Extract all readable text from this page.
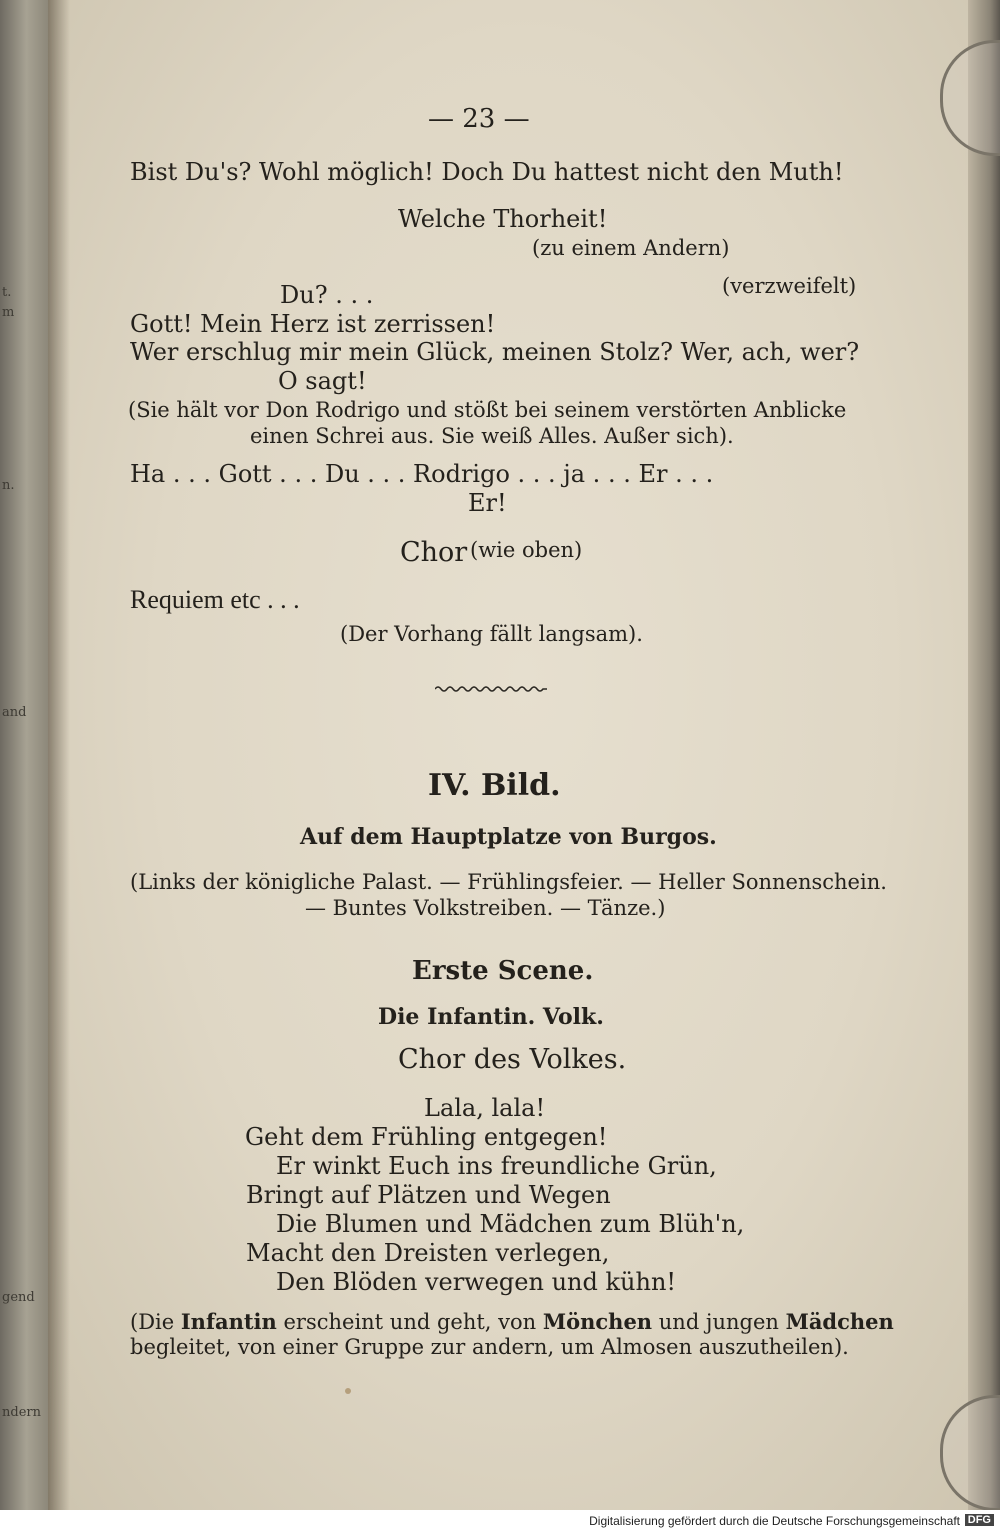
t.
m
n.
and
gend
ndern
— 23 —
Bist Du's? Wohl möglich! Doch Du hattest nicht den Muth!
Welche Thorheit!
(zu einem Andern)
Du? . . .	(verzweifelt)
Gott! Mein Herz ist zerrissen!
Wer erschlug mir mein Glück, meinen Stolz? Wer, ach, wer?
O sagt!
(Sie hält vor Don Rodrigo und stößt bei seinem verstörten Anblicke
einen Schrei aus. Sie weiß Alles. Außer sich).
Ha . . . Gott . . . Du . . . Rodrigo . . . ja . . . Er . . .
Er!
Chor (wie oben)
Requiem etc . . .
(Der Vorhang fällt langsam).
IV. Bild.
Auf dem Hauptplatze von Burgos.
(Links der königliche Palast. — Frühlingsfeier. — Heller Sonnenschein.
— Buntes Volkstreiben. — Tänze.)
Erste Scene.
Die Infantin. Volk.
Chor des Volkes.
Lala, lala!
Geht dem Frühling entgegen!
Er winkt Euch ins freundliche Grün,
Bringt auf Plätzen und Wegen
Die Blumen und Mädchen zum Blüh'n,
Macht den Dreisten verlegen,
Den Blöden verwegen und kühn!
(Die Infantin erscheint und geht, von Mönchen und jungen Mädchen
begleitet, von einer Gruppe zur andern, um Almosen auszutheilen).
Digitalisierung gefördert durch die Deutsche Forschungsgemeinschaft DFG
